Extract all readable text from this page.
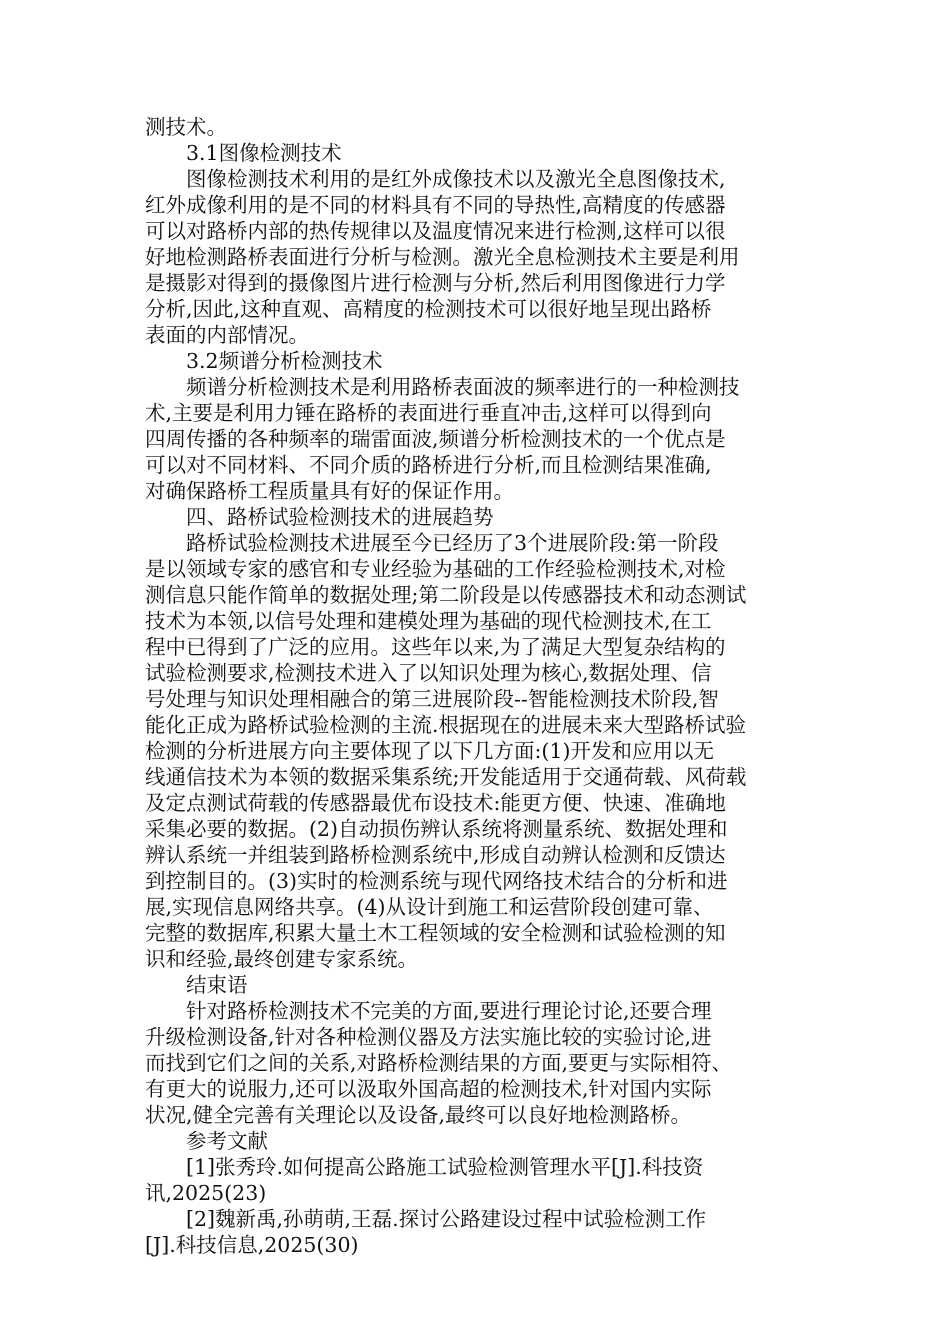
测技术。
3.1图像检测技术
图像检测技术利用的是红外成像技术以及激光全息图像技术,
红外成像利用的是不同的材料具有不同的导热性,高精度的传感器
可以对路桥内部的热传规律以及温度情况来进行检测,这样可以很
好地检测路桥表面进行分析与检测。激光全息检测技术主要是利用
是摄影对得到的摄像图片进行检测与分析,然后利用图像进行力学
分析,因此,这种直观、高精度的检测技术可以很好地呈现出路桥
表面的内部情况。
3.2频谱分析检测技术
频谱分析检测技术是利用路桥表面波的频率进行的一种检测技
术,主要是利用力锤在路桥的表面进行垂直冲击,这样可以得到向
四周传播的各种频率的瑞雷面波,频谱分析检测技术的一个优点是
可以对不同材料、不同介质的路桥进行分析,而且检测结果准确,
对确保路桥工程质量具有好的保证作用。
四、路桥试验检测技术的进展趋势
路桥试验检测技术进展至今已经历了3个进展阶段:第一阶段
是以领域专家的感官和专业经验为基础的工作经验检测技术,对检
测信息只能作简单的数据处理;第二阶段是以传感器技术和动态测试
技术为本领,以信号处理和建模处理为基础的现代检测技术,在工
程中已得到了广泛的应用。这些年以来,为了满足大型复杂结构的
试验检测要求,检测技术进入了以知识处理为核心,数据处理、信
号处理与知识处理相融合的第三进展阶段--智能检测技术阶段,智
能化正成为路桥试验检测的主流.根据现在的进展未来大型路桥试验
检测的分析进展方向主要体现了以下几方面:(1)开发和应用以无
线通信技术为本领的数据采集系统;开发能适用于交通荷载、风荷载
及定点测试荷载的传感器最优布设技术:能更方便、快速、准确地
采集必要的数据。(2)自动损伤辨认系统将测量系统、数据处理和
辨认系统一并组装到路桥检测系统中,形成自动辨认检测和反馈达
到控制目的。(3)实时的检测系统与现代网络技术结合的分析和进
展,实现信息网络共享。(4)从设计到施工和运营阶段创建可靠、
完整的数据库,积累大量土木工程领域的安全检测和试验检测的知
识和经验,最终创建专家系统。
结束语
针对路桥检测技术不完美的方面,要进行理论讨论,还要合理
升级检测设备,针对各种检测仪器及方法实施比较的实验讨论,进
而找到它们之间的关系,对路桥检测结果的方面,要更与实际相符、
有更大的说服力,还可以汲取外国高超的检测技术,针对国内实际
状况,健全完善有关理论以及设备,最终可以良好地检测路桥。
参考文献
[1]张秀玲.如何提高公路施工试验检测管理水平[J].科技资
讯,2025(23)
[2]魏新禹,孙萌萌,王磊.探讨公路建设过程中试验检测工作
[J].科技信息,2025(30)
